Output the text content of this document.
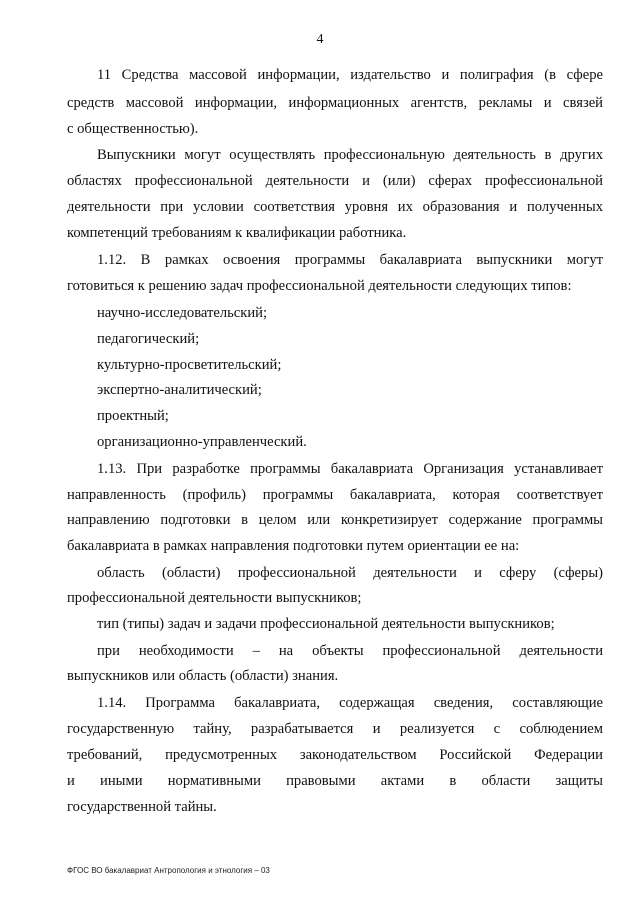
4
11 Средства массовой информации, издательство и полиграфия (в сфере
средств массовой информации, информационных агентств, рекламы и связей
с общественностью).
Выпускники могут осуществлять профессиональную деятельность в других
областях профессиональной деятельности и (или) сферах профессиональной
деятельности при условии соответствия уровня их образования и полученных
компетенций требованиям к квалификации работника.
1.12. В рамках освоения программы бакалавриата выпускники могут
готовиться к решению задач профессиональной деятельности следующих типов:
научно-исследовательский;
педагогический;
культурно-просветительский;
экспертно-аналитический;
проектный;
организационно-управленческий.
1.13. При разработке программы бакалавриата Организация устанавливает
направленность (профиль) программы бакалавриата, которая соответствует
направлению подготовки в целом или конкретизирует содержание программы
бакалавриата в рамках направления подготовки путем ориентации ее на:
область (области) профессиональной деятельности и сферу (сферы)
профессиональной деятельности выпускников;
тип (типы) задач и задачи профессиональной деятельности выпускников;
при необходимости – на объекты профессиональной деятельности
выпускников или область (области) знания.
1.14. Программа бакалавриата, содержащая сведения, составляющие
государственную тайну, разрабатывается и реализуется с соблюдением
требований, предусмотренных законодательством Российской Федерации
и иными нормативными правовыми актами в области защиты
государственной тайны.
ФГОС ВО бакалавриат Антропология и этнология – 03
